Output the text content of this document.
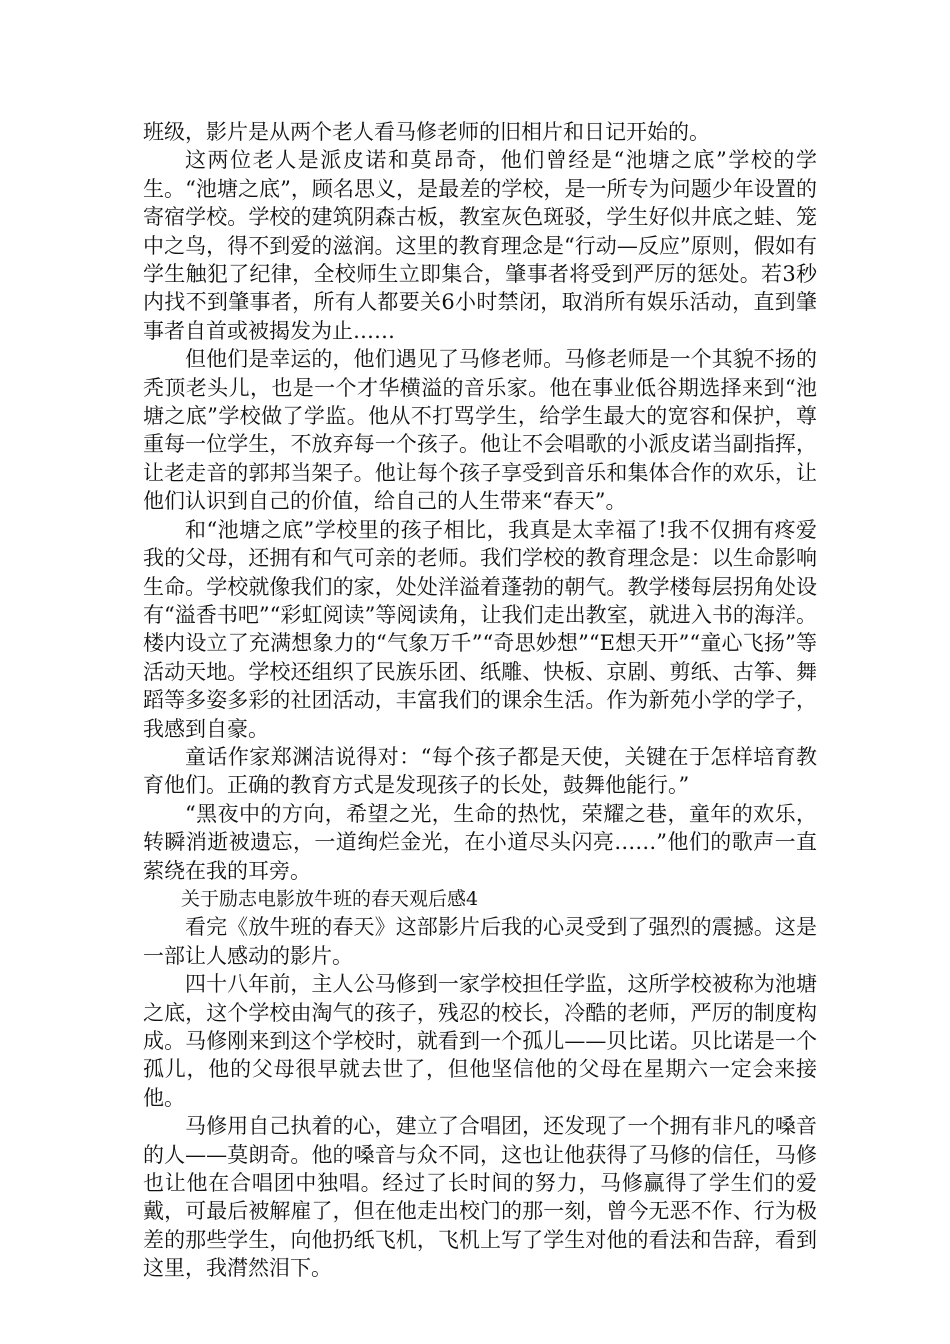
班级，影片是从两个老人看马修老师的旧相片和日记开始的。

这两位老人是派皮诺和莫昂奇，他们曾经是“池塘之底”学校的学生。“池塘之底”，顾名思义，是最差的学校，是一所专为问题少年设置的寄宿学校。学校的建筑阴森古板，教室灰色斑驳，学生好似井底之蛙、笼中之鸟，得不到爱的滋润。这里的教育理念是“行动—反应”原则，假如有学生触犯了纪律，全校师生立即集合，肇事者将受到严厉的惩处。若3秒内找不到肇事者，所有人都要关6小时禁闭，取消所有娱乐活动，直到肇事者自首或被揭发为止……

但他们是幸运的，他们遇见了马修老师。马修老师是一个其貌不扬的秃顶老头儿，也是一个才华横溢的音乐家。他在事业低谷期选择来到“池塘之底”学校做了学监。他从不打骂学生，给学生最大的宽容和保护，尊重每一位学生，不放弃每一个孩子。他让不会唱歌的小派皮诺当副指挥，让老走音的郭邦当架子。他让每个孩子享受到音乐和集体合作的欢乐，让他们认识到自己的价值，给自己的人生带来“春天”。

和“池塘之底”学校里的孩子相比，我真是太幸福了!我不仅拥有疼爱我的父母，还拥有和气可亲的老师。我们学校的教育理念是：以生命影响生命。学校就像我们的家，处处洋溢着蓬勃的朝气。教学楼每层拐角处设有“溢香书吧”“彩虹阅读”等阅读角，让我们走出教室，就进入书的海洋。楼内设立了充满想象力的“气象万千”“奇思妙想”“E想天开”“童心飞扬”等活动天地。学校还组织了民族乐团、纸雕、快板、京剧、剪纸、古筝、舞蹈等多姿多彩的社团活动，丰富我们的课余生活。作为新苑小学的学子，我感到自豪。

童话作家郑渊洁说得对：“每个孩子都是天使，关键在于怎样培育教育他们。正确的教育方式是发现孩子的长处，鼓舞他能行。”

“黑夜中的方向，希望之光，生命的热忱，荣耀之巷，童年的欢乐，转瞬消逝被遗忘，一道绚烂金光，在小道尽头闪亮……”他们的歌声一直萦绕在我的耳旁。

关于励志电影放牛班的春天观后感4

看完《放牛班的春天》这部影片后我的心灵受到了强烈的震撼。这是一部让人感动的影片。

四十八年前，主人公马修到一家学校担任学监，这所学校被称为池塘之底，这个学校由淘气的孩子，残忍的校长，冷酷的老师，严厉的制度构成。马修刚来到这个学校时，就看到一个孤儿——贝比诺。贝比诺是一个孤儿，他的父母很早就去世了，但他坚信他的父母在星期六一定会来接他。

马修用自己执着的心，建立了合唱团，还发现了一个拥有非凡的嗓音的人——莫朗奇。他的嗓音与众不同，这也让他获得了马修的信任，马修也让他在合唱团中独唱。经过了长时间的努力，马修赢得了学生们的爱戴，可最后被解雇了，但在他走出校门的那一刻，曾今无恶不作、行为极差的那些学生，向他扔纸飞机，飞机上写了学生对他的看法和告辞，看到这里，我潸然泪下。
